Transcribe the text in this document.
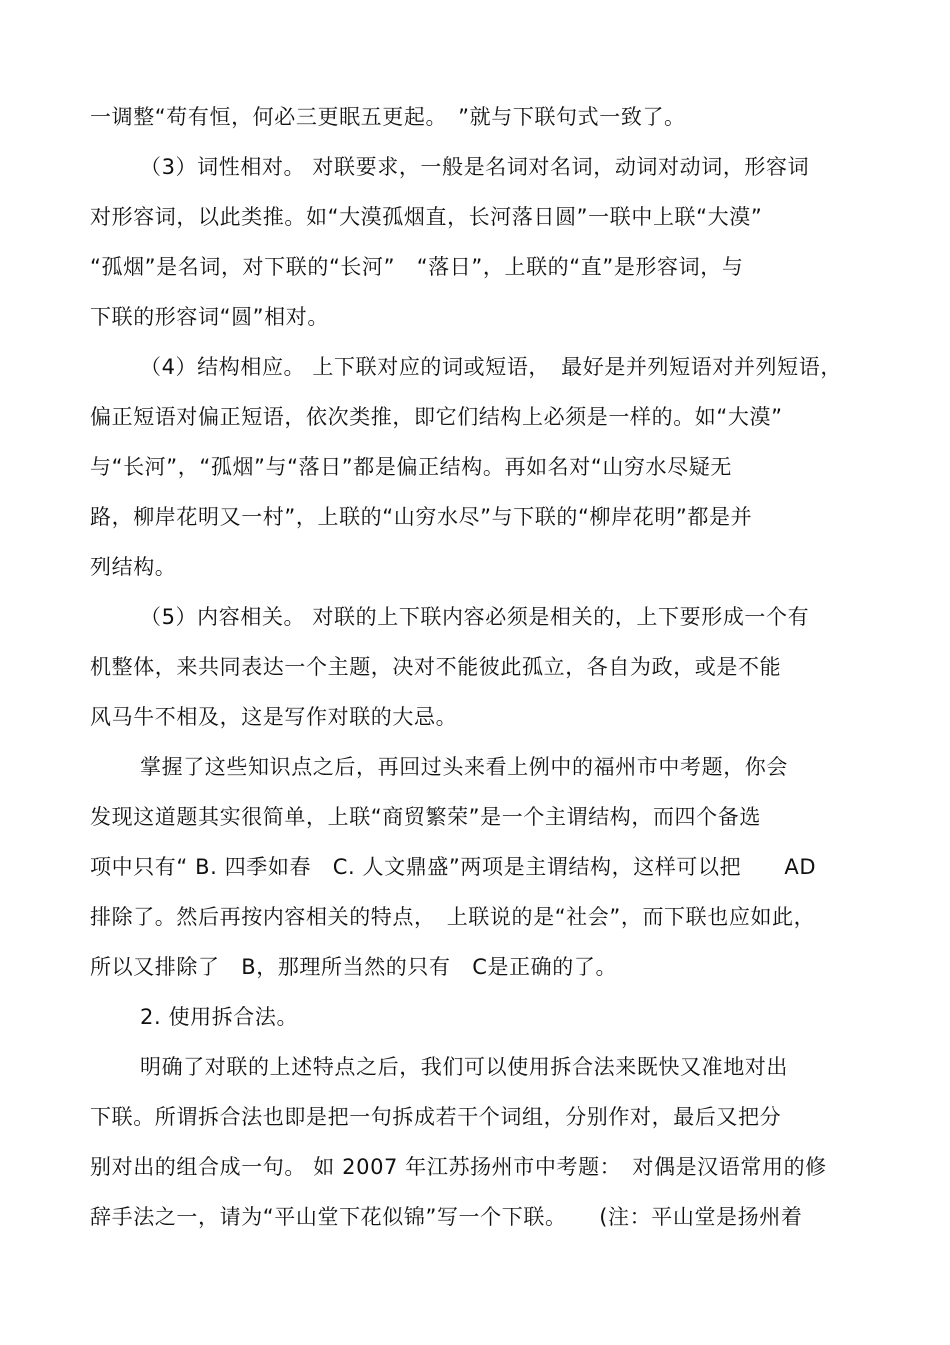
一调整“苟有恒，何必三更眠五更起。　”就与下联句式一致了。
（3）词性相对。 对联要求，一般是名词对名词，动词对动词，形容词
对形容词，以此类推。如“大漠孤烟直，长河落日圆”一联中上联“大漠”
“孤烟”是名词，对下联的“长河”　“落日”，上联的“直”是形容词，与
下联的形容词“圆”相对。
（4）结构相应。 上下联对应的词或短语，　最好是并列短语对并列短语，
偏正短语对偏正短语，依次类推，即它们结构上必须是一样的。如“大漠”
与“长河”，“孤烟”与“落日”都是偏正结构。再如名对“山穷水尽疑无
路，柳岸花明又一村”，上联的“山穷水尽”与下联的“柳岸花明”都是并
列结构。
（5）内容相关。 对联的上下联内容必须是相关的，上下要形成一个有
机整体，来共同表达一个主题，决对不能彼此孤立，各自为政，或是不能
风马牛不相及，这是写作对联的大忌。
掌握了这些知识点之后，再回过头来看上例中的福州市中考题，你会
发现这道题其实很简单，上联“商贸繁荣”是一个主谓结构，而四个备选
项中只有“ B. 四季如春　C. 人文鼎盛”两项是主谓结构，这样可以把　　AD
排除了。然后再按内容相关的特点，　上联说的是“社会”，而下联也应如此，
所以又排除了　B，那理所当然的只有　C是正确的了。
2. 使用拆合法。
明确了对联的上述特点之后，我们可以使用拆合法来既快又准地对出
下联。所谓拆合法也即是把一句拆成若干个词组，分别作对，最后又把分
别对出的组合成一句。 如 2007 年江苏扬州市中考题：　对偶是汉语常用的修
辞手法之一，请为“平山堂下花似锦”写一个下联。　　(注：平山堂是扬州着
